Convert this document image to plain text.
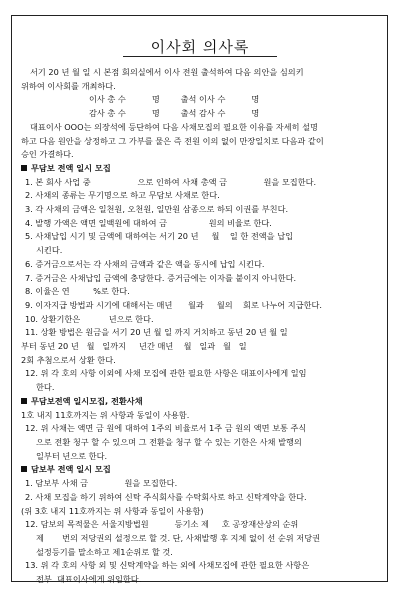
이사회 의사록
서기 20 년 월 일 시 본점 회의실에서 이사 전원 출석하여 다음 의안을 심의키
위하여 이사회를 개최하다.
이사 총 수          명        출석 이사 수          명
감사 총 수          명        출석 감사 수          명
대표이사 OOO는 의장석에 등단하여 다음 사채모집의 필요한 이유를 자세히 설명
하고 다음 원안을 상정하고 그 가부를 물은 즉 전원 이의 없이 만장일치로 다음과 같이
승인 가결하다.
무담보 전액 일시 모집
1. 본 회사 사업 중                  으로 인하여 사채 총액 금              원을 모집한다.
2. 사채의 종류는 무기명으로 하고 무담보 사채로 한다.
3. 각 사채의 금액은 일천원, 오천원, 일만원 삼종으로 하되 이권를 부친다.
4. 발행 가액은 액면 일백원에 대하여 금                원의 비율로 한다.
5. 사채납입 시기 및 금액에 대하여는 서기 20 년     월    일 한 전액을 납입
시킨다.
6. 증거금으로서는 각 사채의 금액과 같은 액을 동시에 납입 시킨다.
7. 증거금은 사채납입 금액에 충당한다. 증거금에는 이자를 붙이지 아니한다.
8. 이율은 연         %로 한다.
9. 이자지급 방법과 시기에 대해서는 매년      월과     월의    회로 나누어 지급한다.
10. 상환기한은           년으로 한다.
11. 상환 방법은 원금을 서기 20 년 월 일 까지 거치하고 동년 20 년 월 일
부터 동년 20 년   월   일까지     년간 매년    월   일과   월   일
2회 추첨으로서 상환 한다.
12. 위 각 호의 사항 이외에 사채 모집에 관한 필요한 사항은 대표이사에게 일임
한다.
무담보전액 일시모집, 전환사채
1호 내지 11호까지는 위 사항과 동일이 사용함.
12. 위 사채는 액면 금 원에 대하여 1주의 비율로서 1주 금 원의 액면 보통 주식
으로 전환 청구 할 수 있으며 그 전환을 청구 할 수 있는 기한은 사채 발행의
일부터 년으로 한다.
담보부 전액 일시 모집
1. 담보부 사채 금              원을 모집한다.
2. 사채 모집을 하기 위하여 신탁 주식회사를 수탁회사로 하고 신탁계약을 한다.
(위 3호 내지 11호까지는 위 사항과 동일이 사용함)
12. 담보의 목적물은 서울지방법원          등기소 제     호 공장재산상의 순위
제       번의 저당권의 설정으로 할 것. 단, 사채발행 후 지체 없이 선 순위 저당권
설정등기를 말소하고 제1순위로 할 것.
13. 위 각 호의 사항 외 및 신탁계약을 하는 외에 사채모집에 관한 필요한 사항은
전부  대표이사에게 위임한다.
